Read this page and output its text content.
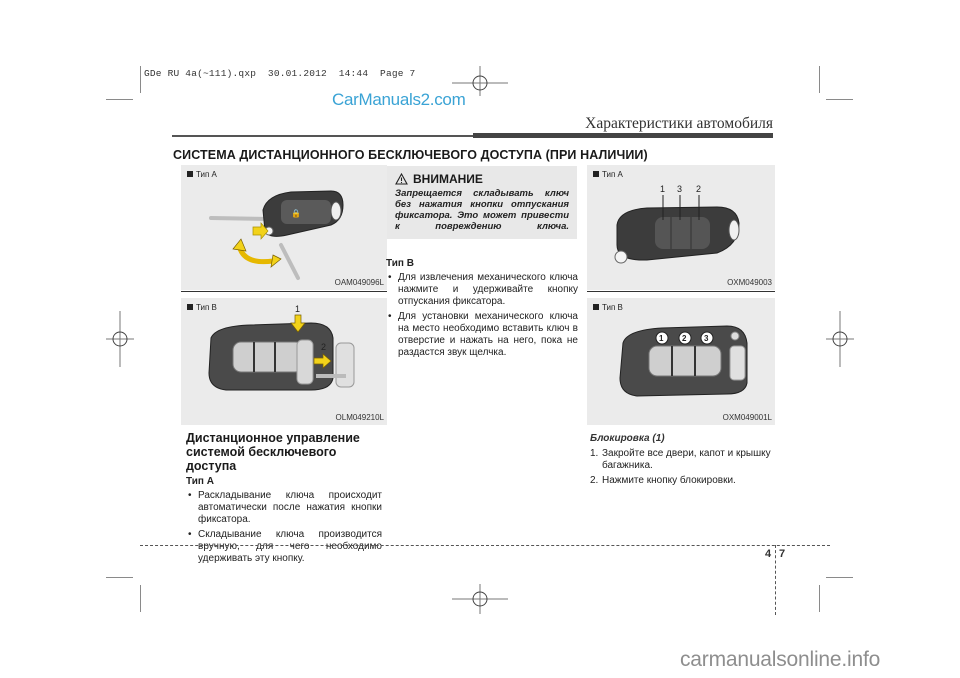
GDe RU 4a(~111).qxp  30.01.2012  14:44  Page 7
CarManuals2.com
Характеристики автомобиля
СИСТЕМА ДИСТАНЦИОННОГО БЕСКЛЮЧЕВОГО ДОСТУПА (ПРИ НАЛИЧИИ)
Тип A
🔒
OAM049096L
Тип B	1
2
OLM049210L
Дистанционное управление системой бесключевого доступа
Тип A
• Раскладывание ключа происходит автоматически после нажатия кнопки фиксатора.
• Складывание ключа производится вручную, для чего необходимо удерживать эту кнопку.
ВНИМАНИЕ
Запрещается складывать ключ без нажатия кнопки отпускания фиксатора. Это может привести к повреждению ключа.
Тип B
• Для извлечения механического ключа нажмите и удерживайте кнопку отпускания фиксатора.
• Для установки механического ключа на место необходимо вставить ключ в отверстие и нажать на него, пока не раздастся звук щелчка.
Тип A
1 3 2
OXM049003
Тип B
1 2 3
OXM049001L
Блокировка (1)
1. Закройте все двери, капот и крышку багажника.
2. Нажмите кнопку блокировки.
4 7
carmanualsonline.info
